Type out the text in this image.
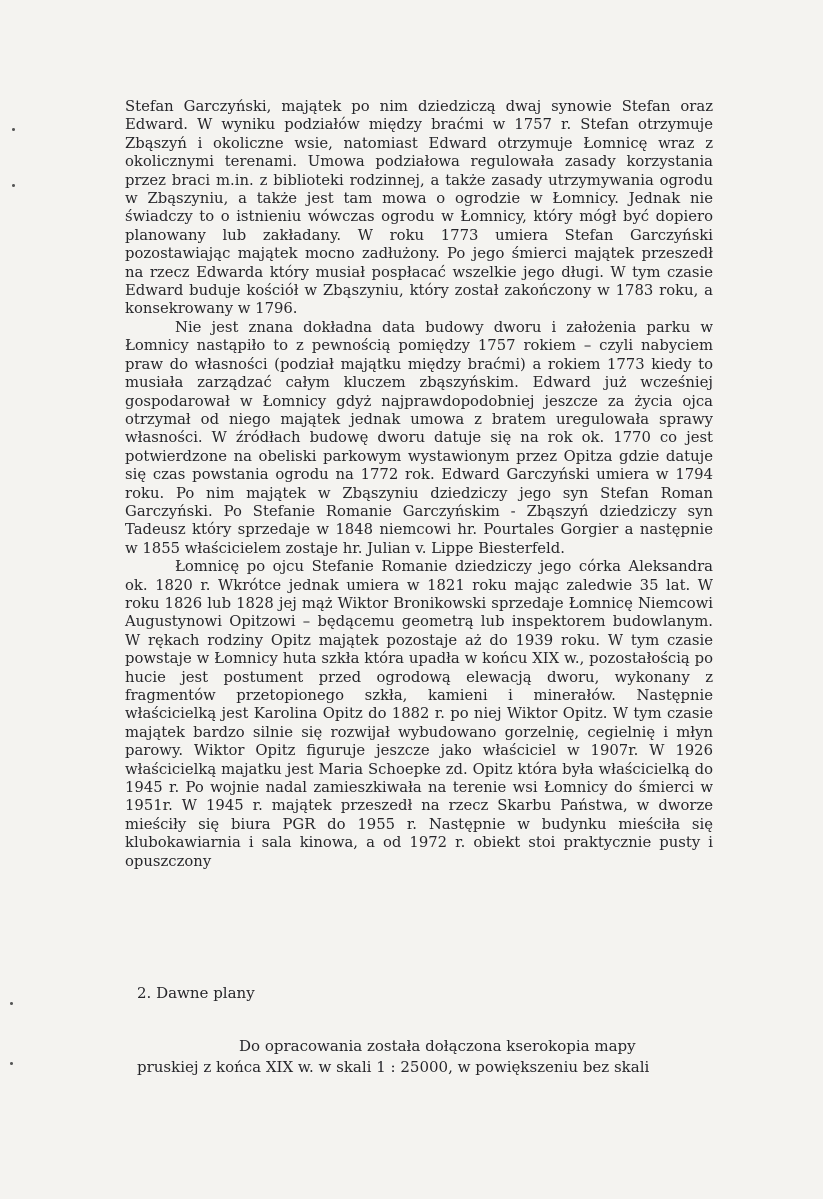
Stefan Garczyński, majątek po nim dziedziczą dwaj synowie Stefan oraz Edward. W wyniku podziałów między braćmi w 1757 r. Stefan otrzymuje Zbąszyń i okoliczne wsie, natomiast Edward otrzymuje Łomnicę wraz z okolicznymi terenami. Umowa podziałowa regulowała zasady korzystania przez braci m.in. z biblioteki rodzinnej, a także zasady utrzymywania ogrodu w Zbąszyniu, a także jest tam mowa o ogrodzie w Łomnicy. Jednak nie świadczy to o istnieniu wówczas ogrodu w Łomnicy, który mógł być dopiero planowany lub zakładany. W roku 1773 umiera Stefan Garczyński pozostawiając majątek mocno zadłużony. Po jego śmierci majątek przeszedł na rzecz Edwarda który musiał pospłacać wszelkie jego długi. W tym czasie Edward buduje kościół w Zbąszyniu, który został zakończony w 1783 roku, a konsekrowany w 1796.

Nie jest znana dokładna data budowy dworu i założenia parku w Łomnicy nastąpiło to z pewnością pomiędzy 1757 rokiem – czyli nabyciem praw do własności (podział majątku między braćmi) a rokiem 1773 kiedy to musiała zarządzać całym kluczem zbąszyńskim. Edward już wcześniej gospodarował w Łomnicy gdyż najprawdopodobniej jeszcze za życia ojca otrzymał od niego majątek jednak umowa z bratem uregulowała sprawy własności. W źródłach budowę dworu datuje się na rok ok. 1770 co jest potwierdzone na obeliski parkowym wystawionym przez Opitza gdzie datuje się czas powstania ogrodu na 1772 rok. Edward Garczyński umiera w 1794 roku. Po nim majątek w Zbąszyniu dziedziczy jego syn Stefan Roman Garczyński. Po Stefanie Romanie Garczyńskim - Zbąszyń dziedziczy syn Tadeusz który sprzedaje w 1848 niemcowi hr. Pourtales Gorgier a następnie w 1855 właścicielem zostaje hr. Julian v. Lippe Biesterfeld.

Łomnicę po ojcu Stefanie Romanie dziedziczy jego córka Aleksandra ok. 1820 r. Wkrótce jednak umiera w 1821 roku mając zaledwie 35 lat. W roku 1826 lub 1828 jej mąż Wiktor Bronikowski sprzedaje Łomnicę Niemcowi Augustynowi Opitzowi – będącemu geometrą lub inspektorem budowlanym. W rękach rodziny Opitz majątek pozostaje aż do 1939 roku. W tym czasie powstaje w Łomnicy huta szkła która upadła w końcu XIX w., pozostałością po hucie jest postument przed ogrodową elewacją dworu, wykonany z fragmentów przetopionego szkła, kamieni i minerałów. Następnie właścicielką jest Karolina Opitz do 1882 r. po niej Wiktor Opitz. W tym czasie majątek bardzo silnie się rozwijał wybudowano gorzelnię, cegielnię i młyn parowy. Wiktor Opitz figuruje jeszcze jako właściciel w 1907r. W 1926 właścicielką majatku jest Maria Schoepke zd. Opitz która była właścicielką do 1945 r. Po wojnie nadal zamieszkiwała na terenie wsi Łomnicy do śmierci w 1951r. W 1945 r. majątek przeszedł na rzecz Skarbu Państwa, w dworze mieściły się biura PGR do 1955 r. Następnie w budynku mieściła się klubokawiarnia i sala kinowa, a od 1972 r. obiekt stoi praktycznie pusty i opuszczony

2. Dawne plany
Do opracowania została dołączona kserokopia mapy
pruskiej z końca XIX w. w skali 1 : 25000, w powiększeniu bez skali
